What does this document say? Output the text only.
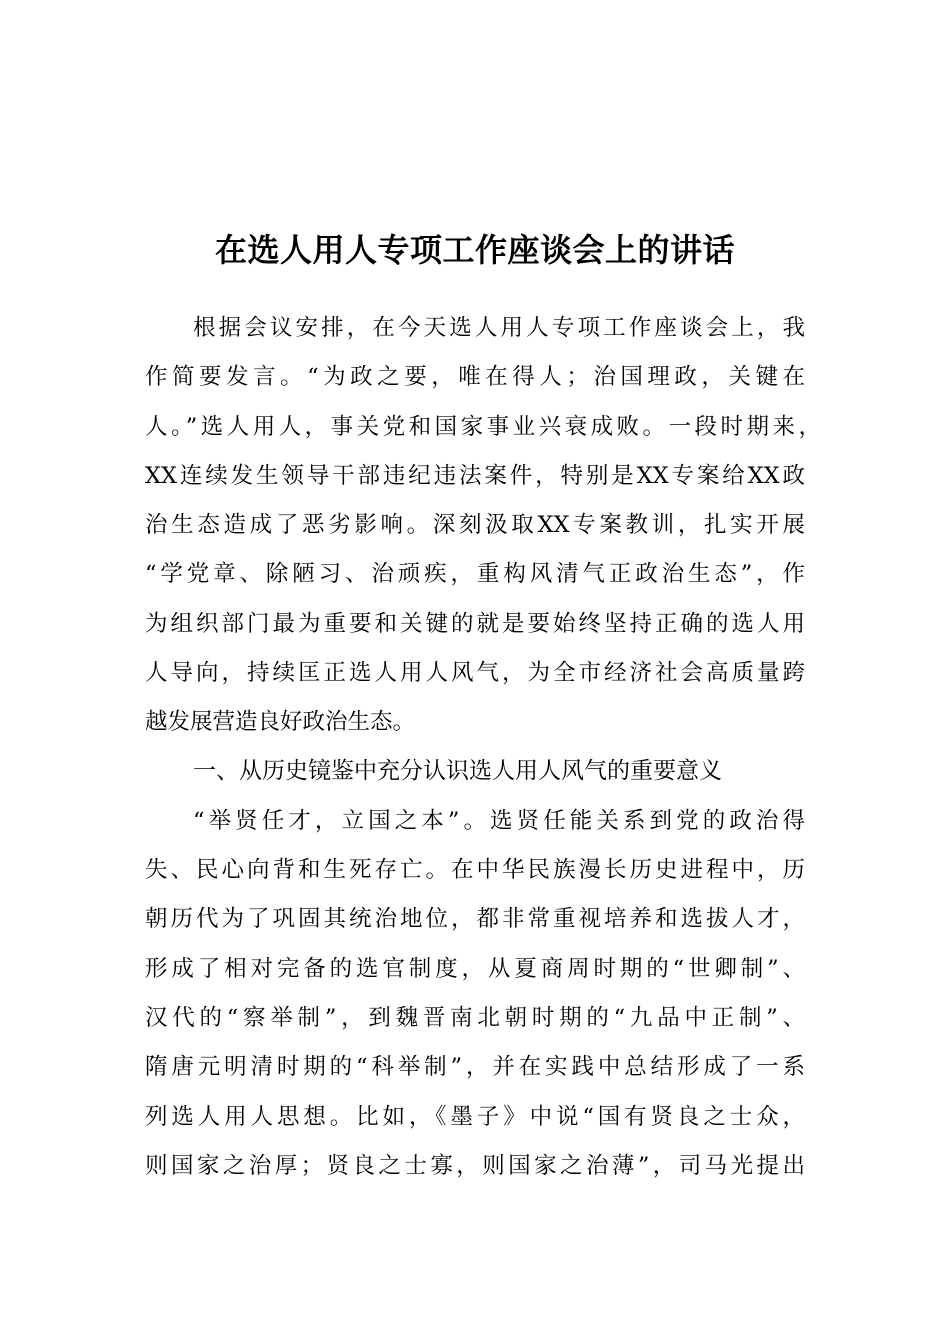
在选人用人专项工作座谈会上的讲话
根据会议安排，在今天选人用人专项工作座谈会上，我
作简要发言。“为政之要，唯在得人；治国理政，关键在
人。”选人用人，事关党和国家事业兴衰成败。一段时期来，
XX连续发生领导干部违纪违法案件，特别是XX专案给XX政
治生态造成了恶劣影响。深刻汲取XX专案教训，扎实开展
“学党章、除陋习、治顽疾，重构风清气正政治生态”，作
为组织部门最为重要和关键的就是要始终坚持正确的选人用
人导向，持续匡正选人用人风气，为全市经济社会高质量跨
越发展营造良好政治生态。
一、从历史镜鉴中充分认识选人用人风气的重要意义
“举贤任才，立国之本”。选贤任能关系到党的政治得
失、民心向背和生死存亡。在中华民族漫长历史进程中，历
朝历代为了巩固其统治地位，都非常重视培养和选拔人才，
形成了相对完备的选官制度，从夏商周时期的“世卿制”、
汉代的“察举制”，到魏晋南北朝时期的“九品中正制”、
隋唐元明清时期的“科举制”，并在实践中总结形成了一系
列选人用人思想。比如，《墨子》中说“国有贤良之士众，
则国家之治厚；贤良之士寡，则国家之治薄”，司马光提出
